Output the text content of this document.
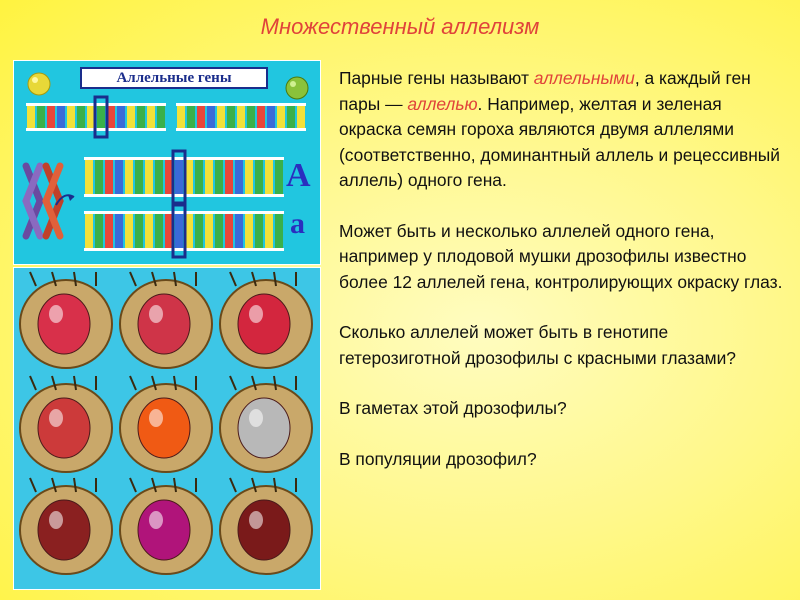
Множественный аллелизм
Аллельные гены
A
a

Парные гены называют аллельными, а каждый ген пары — аллелью. Например, желтая и зеленая окраска семян гороха являются двумя аллелями (соответственно, доминантный аллель и рецессивный аллель) одного гена.

Может быть и несколько аллелей одного гена, например у плодовой мушки дрозофилы известно более 12 аллелей гена, контролирующих окраску глаз.

Сколько аллелей может быть в генотипе гетерозиготной дрозофилы с красными глазами?

В гаметах этой дрозофилы?

В популяции дрозофил?
